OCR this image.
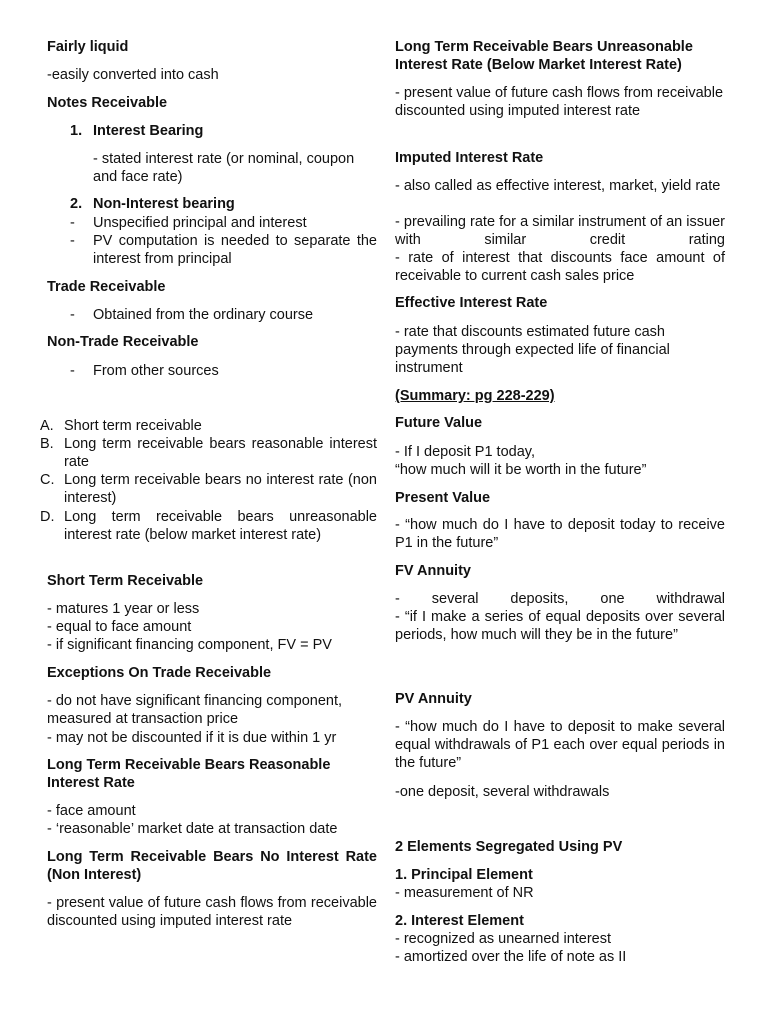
Fairly liquid

-easily converted into cash

Notes Receivable

1. Interest Bearing

- stated interest rate (or nominal, coupon and face rate)

2. Non-Interest bearing

- Unspecified principal and interest

- PV computation is needed to separate the interest from principal

Trade Receivable

- Obtained from the ordinary course

Non-Trade Receivable

- From other sources

A. Short term receivable

B. Long term receivable bears reasonable interest rate

C. Long term receivable bears no interest rate (non interest)

D. Long term receivable bears unreasonable interest rate (below market interest rate)

Short Term Receivable

- matures 1 year or less

- equal to face amount

- if significant financing component, FV = PV

Exceptions On Trade Receivable

- do not have significant financing component, measured at transaction price

- may not be discounted if it is due within 1 yr

Long Term Receivable Bears Reasonable Interest Rate

- face amount

- ‘reasonable’ market date at transaction date

Long Term Receivable Bears No Interest Rate (Non Interest)

- present value of future cash flows from receivable discounted using imputed interest rate

Long Term Receivable Bears Unreasonable Interest Rate (Below Market Interest Rate)

- present value of future cash flows from receivable discounted using imputed interest rate

Imputed Interest Rate

- also called as effective interest, market, yield rate

- prevailing rate for a similar instrument of an issuer with similar credit rating

- rate of interest that discounts face amount of receivable to current cash sales price

Effective Interest Rate

- rate that discounts estimated future cash payments through expected life of financial instrument

(Summary: pg 228-229)

Future Value

- If I deposit P1 today,

“how much will it be worth in the future”

Present Value

- “how much do I have to deposit today to receive P1 in the future”

FV Annuity

- several deposits, one withdrawal

- “if I make a series of equal deposits over several periods, how much will they be in the future”

PV Annuity

- “how much do I have to deposit to make several equal withdrawals of P1 each over equal periods in the future”

-one deposit, several withdrawals

2 Elements Segregated Using PV

1. Principal Element

- measurement of NR

2. Interest Element

- recognized as unearned interest

- amortized over the life of note as II
